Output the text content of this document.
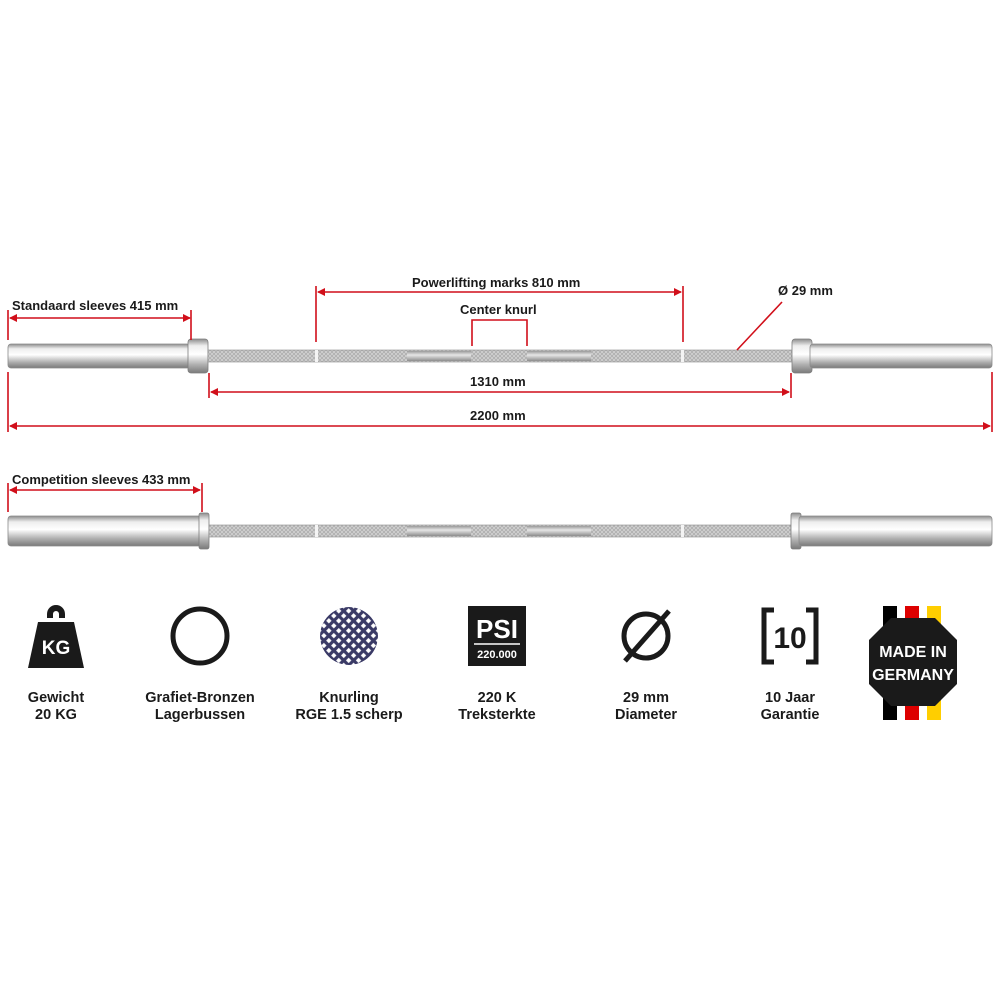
Standaard sleeves 415 mm
Powerlifting marks 810 mm
Center knurl
Ø 29 mm
1310 mm
2200 mm
Competition sleeves 433 mm
KG
Gewicht
20 KG
Grafiet-Bronzen
Lagerbussen
Knurling
RGE 1.5 scherp
PSI
220.000
220 K
Treksterkte
29 mm
Diameter
10
10 Jaar
Garantie
MADE IN
GERMANY
